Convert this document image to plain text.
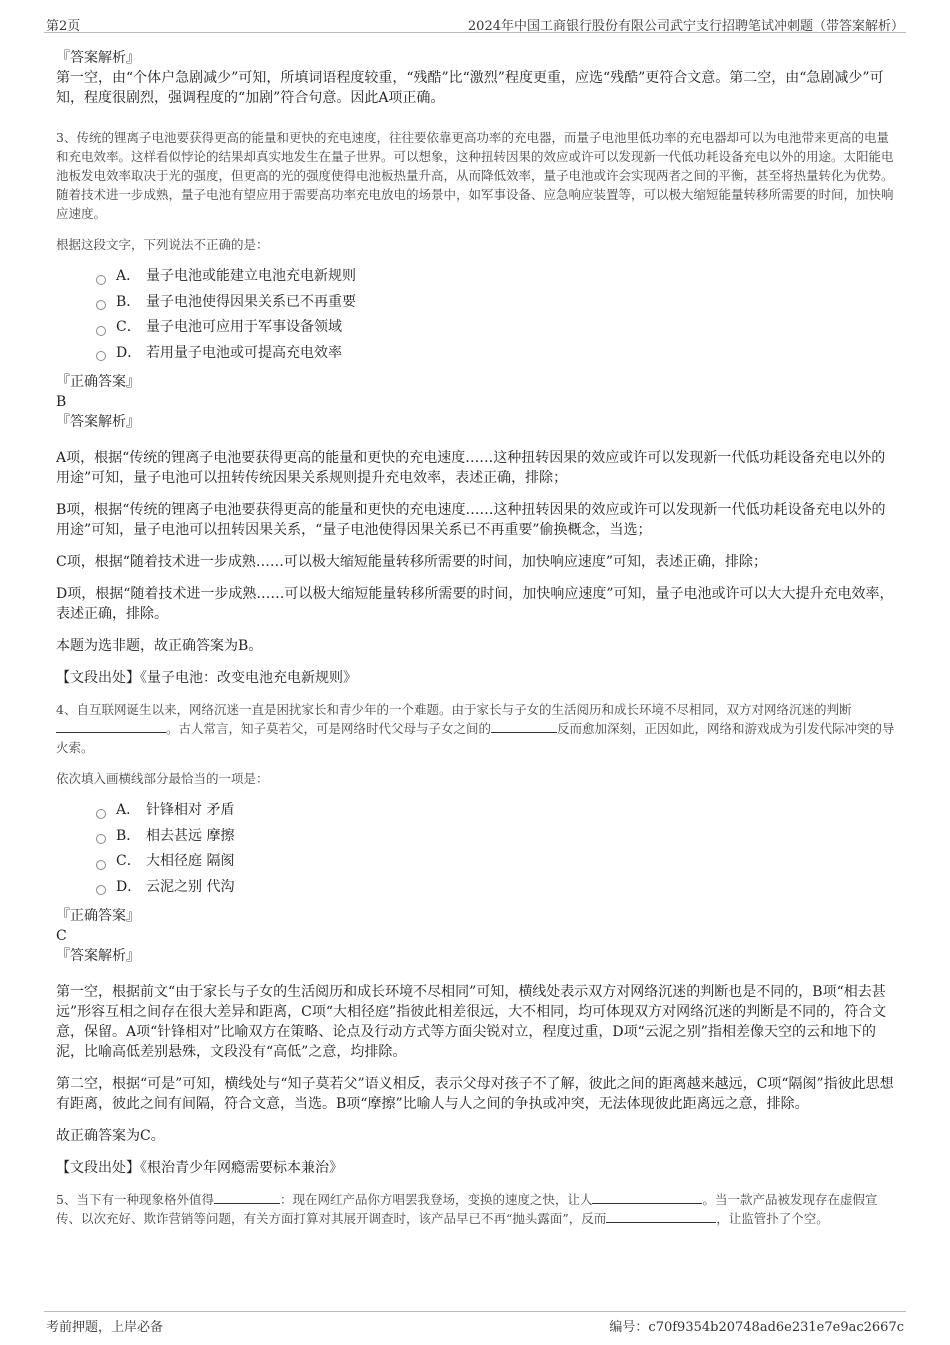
第2页	2024年中国工商银行股份有限公司武宁支行招聘笔试冲刺题（带答案解析）

『答案解析』

第一空，由“个体户急剧减少”可知，所填词语程度较重，“残酷”比“激烈”程度更重，应选“残酷”更符合文意。第二空，由“急剧减少”可知，程度很剧烈，强调程度的“加剧”符合句意。因此A项正确。

3、传统的锂离子电池要获得更高的能量和更快的充电速度，往往要依靠更高功率的充电器，而量子电池里低功率的充电器却可以为电池带来更高的电量和充电效率。这样看似悖论的结果却真实地发生在量子世界。可以想象，这种扭转因果的效应或许可以发现新一代低功耗设备充电以外的用途。太阳能电池板发电效率取决于光的强度，但更高的光的强度使得电池板热量升高，从而降低效率，量子电池或许会实现两者之间的平衡，甚至将热量转化为优势。随着技术进一步成熟，量子电池有望应用于需要高功率充电放电的场景中，如军事设备、应急响应装置等，可以极大缩短能量转移所需要的时间，加快响应速度。

根据这段文字，下列说法不正确的是：

A． 量子电池或能建立电池充电新规则
B． 量子电池使得因果关系已不再重要
C． 量子电池可应用于军事设备领域
D． 若用量子电池或可提高充电效率

『正确答案』

B

『答案解析』

A项，根据“传统的锂离子电池要获得更高的能量和更快的充电速度……这种扭转因果的效应或许可以发现新一代低功耗设备充电以外的用途”可知，量子电池可以扭转传统因果关系规则提升充电效率，表述正确，排除；

B项，根据“传统的锂离子电池要获得更高的能量和更快的充电速度……这种扭转因果的效应或许可以发现新一代低功耗设备充电以外的用途”可知，量子电池可以扭转因果关系，“量子电池使得因果关系已不再重要”偷换概念，当选；

C项，根据“随着技术进一步成熟……可以极大缩短能量转移所需要的时间，加快响应速度”可知，表述正确，排除；

D项，根据“随着技术进一步成熟……可以极大缩短能量转移所需要的时间，加快响应速度”可知，量子电池或许可以大大提升充电效率，表述正确，排除。

本题为选非题，故正确答案为B。

【文段出处】《量子电池：改变电池充电新规则》

4、自互联网诞生以来，网络沉迷一直是困扰家长和青少年的一个难题。由于家长与子女的生活阅历和成长环境不尽相同，双方对网络沉迷的判断。古人常言，知子莫若父，可是网络时代父母与子女之间的	反而愈加深刻，正因如此，网络和游戏成为引发代际冲突的导火索。

依次填入画横线部分最恰当的一项是：

A． 针锋相对 矛盾
B． 相去甚远 摩擦
C． 大相径庭 隔阂
D． 云泥之别 代沟

『正确答案』

C

『答案解析』

第一空，根据前文“由于家长与子女的生活阅历和成长环境不尽相同”可知，横线处表示双方对网络沉迷的判断也是不同的，B项“相去甚远”形容互相之间存在很大差异和距离，C项“大相径庭”指彼此相差很远，大不相同，均可体现双方对网络沉迷的判断是不同的，符合文意，保留。A项“针锋相对”比喻双方在策略、论点及行动方式等方面尖锐对立，程度过重，D项“云泥之别”指相差像天空的云和地下的泥，比喻高低差别悬殊，文段没有“高低”之意，均排除。

第二空，根据“可是”可知，横线处与“知子莫若父”语义相反，表示父母对孩子不了解，彼此之间的距离越来越远，C项“隔阂”指彼此思想有距离，彼此之间有间隔，符合文意，当选。B项“摩擦”比喻人与人之间的争执或冲突，无法体现彼此距离远之意，排除。

故正确答案为C。

【文段出处】《根治青少年网瘾需要标本兼治》

5、当下有一种现象格外值得	：现在网红产品你方唱罢我登场，变换的速度之快，让人	。当一款产品被发现存在虚假宣传、以次充好、欺诈营销等问题，有关方面打算对其展开调查时，该产品早已不再“抛头露面”，反而	，让监管扑了个空。

考前押题，上岸必备	编号：c70f9354b20748ad6e231e7e9ac2667c
